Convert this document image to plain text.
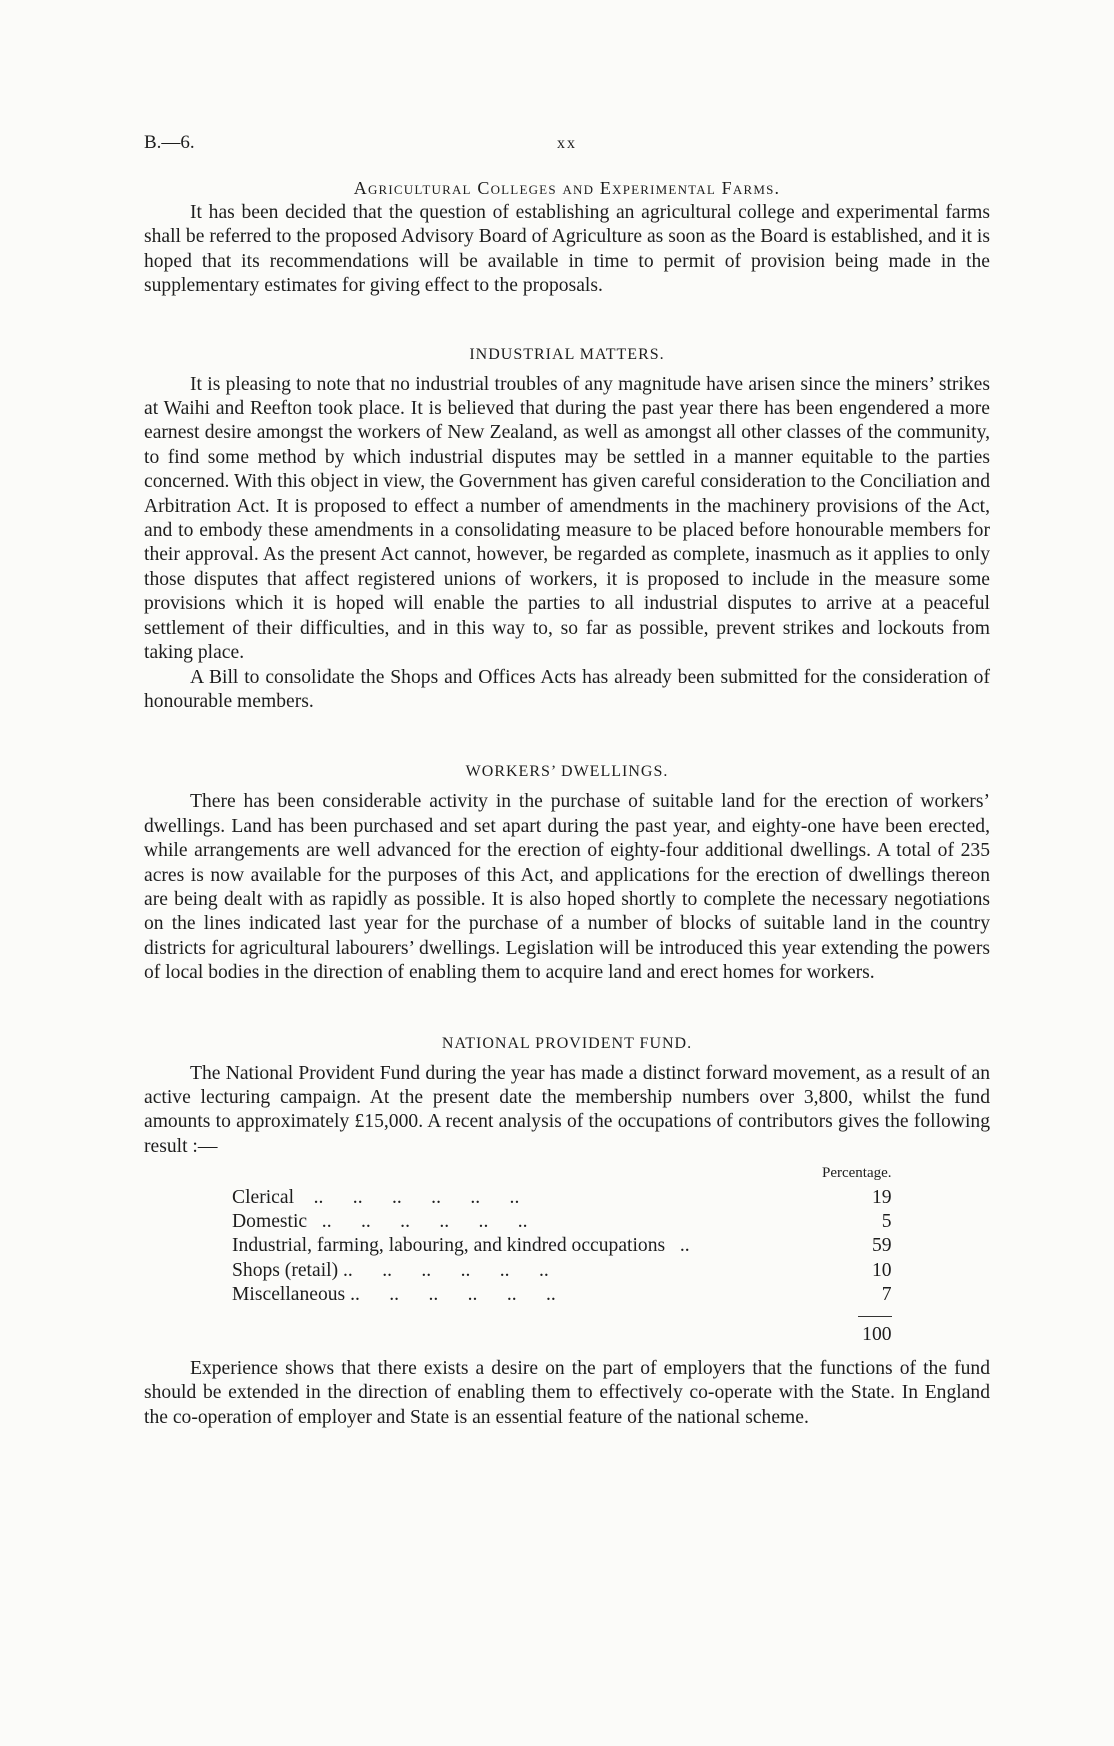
B.—6.	xx
Agricultural Colleges and Experimental Farms.

It has been decided that the question of establishing an agricultural college and experimental farms shall be referred to the proposed Advisory Board of Agriculture as soon as the Board is established, and it is hoped that its recommendations will be available in time to permit of provision being made in the supplementary estimates for giving effect to the proposals.

INDUSTRIAL MATTERS.

It is pleasing to note that no industrial troubles of any magnitude have arisen since the miners’ strikes at Waihi and Reefton took place. It is believed that during the past year there has been engendered a more earnest desire amongst the workers of New Zealand, as well as amongst all other classes of the community, to find some method by which industrial disputes may be settled in a manner equitable to the parties concerned. With this object in view, the Government has given careful consideration to the Conciliation and Arbitration Act. It is proposed to effect a number of amendments in the machinery provisions of the Act, and to embody these amendments in a consolidating measure to be placed before honourable members for their approval. As the present Act cannot, however, be regarded as complete, inasmuch as it applies to only those disputes that affect registered unions of workers, it is proposed to include in the measure some provisions which it is hoped will enable the parties to all industrial disputes to arrive at a peaceful settlement of their difficulties, and in this way to, so far as possible, prevent strikes and lockouts from taking place.

A Bill to consolidate the Shops and Offices Acts has already been submitted for the consideration of honourable members.

WORKERS’ DWELLINGS.

There has been considerable activity in the purchase of suitable land for the erection of workers’ dwellings. Land has been purchased and set apart during the past year, and eighty-one have been erected, while arrangements are well advanced for the erection of eighty-four additional dwellings. A total of 235 acres is now available for the purposes of this Act, and applications for the erection of dwellings thereon are being dealt with as rapidly as possible. It is also hoped shortly to complete the necessary negotiations on the lines indicated last year for the purchase of a number of blocks of suitable land in the country districts for agricultural labourers’ dwellings. Legislation will be introduced this year extending the powers of local bodies in the direction of enabling them to acquire land and erect homes for workers.

NATIONAL PROVIDENT FUND.

The National Provident Fund during the year has made a distinct forward movement, as a result of an active lecturing campaign. At the present date the membership numbers over 3,800, whilst the fund amounts to approximately £15,000. A recent analysis of the occupations of contributors gives the following result :—

	Percentage.
Clerical ..      ..      ..      ..      ..      ..	19
Domestic ..      ..      ..      ..      ..      ..	5
Industrial, farming, labouring, and kindred occupations ..	59
Shops (retail) ..      ..      ..      ..      ..      ..	10
Miscellaneous ..      ..      ..      ..      ..      ..	7

100

Experience shows that there exists a desire on the part of employers that the functions of the fund should be extended in the direction of enabling them to effectively co-operate with the State. In England the co-operation of employer and State is an essential feature of the national scheme.
